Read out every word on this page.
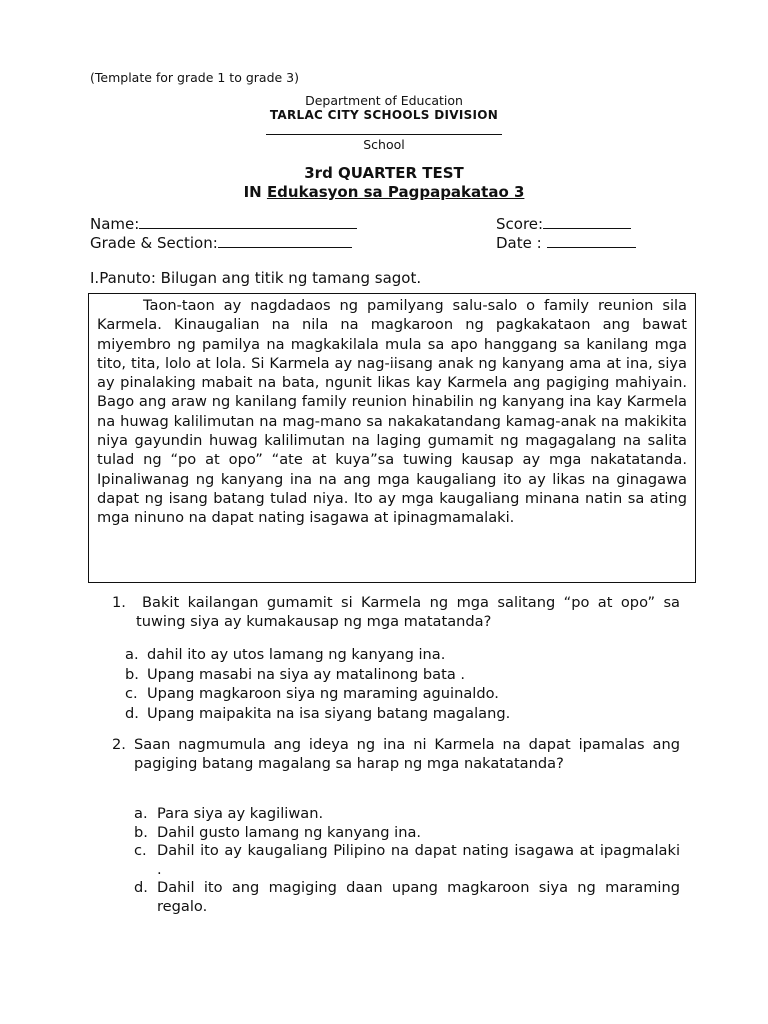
(Template for grade 1 to grade 3)
Department of Education
TARLAC CITY SCHOOLS DIVISION
School
3rd QUARTER TEST
IN Edukasyon sa Pagpapakatao 3
Name:	Score:
Grade & Section:	Date :
I.Panuto: Bilugan ang titik ng tamang sagot.

Taon-taon ay nagdadaos ng pamilyang salu-salo o family reunion sila Karmela. Kinaugalian na nila na magkaroon ng pagkakataon ang bawat miyembro ng pamilya na magkakilala mula sa apo hanggang sa kanilang mga tito, tita, lolo at lola. Si Karmela ay nag-iisang anak ng kanyang ama at ina, siya ay pinalaking mabait na bata, ngunit likas kay Karmela ang pagiging mahiyain. Bago ang araw ng kanilang family reunion hinabilin ng kanyang ina kay Karmela na huwag kalilimutan na mag-mano sa nakakatandang kamag-anak na makikita niya gayundin huwag kalilimutan na laging gumamit ng magagalang na salita tulad ng “po at opo” “ate at kuya”sa tuwing kausap ay mga nakatatanda. Ipinaliwanag ng kanyang ina na ang mga kaugaliang ito ay likas na ginagawa dapat ng isang batang tulad niya. Ito ay mga kaugaliang minana natin sa ating mga ninuno na dapat nating isagawa at ipinagmamalaki.

1.	Bakit kailangan gumamit si Karmela ng mga salitang “po at opo” sa tuwing siya ay kumakausap ng mga matatanda?
a. dahil ito ay utos lamang ng kanyang ina.
b. Upang masabi na siya ay matalinong bata .
c. Upang magkaroon siya ng maraming aguinaldo.
d. Upang maipakita na isa siyang batang magalang.
2. Saan nagmumula ang ideya ng ina ni Karmela na dapat ipamalas ang pagiging batang magalang sa harap ng mga nakatatanda?
a. Para siya ay kagiliwan.
b. Dahil gusto lamang ng kanyang ina.
c. Dahil ito ay kaugaliang Pilipino na dapat nating isagawa at ipagmalaki .
d. Dahil ito ang magiging daan upang magkaroon siya ng maraming regalo.
